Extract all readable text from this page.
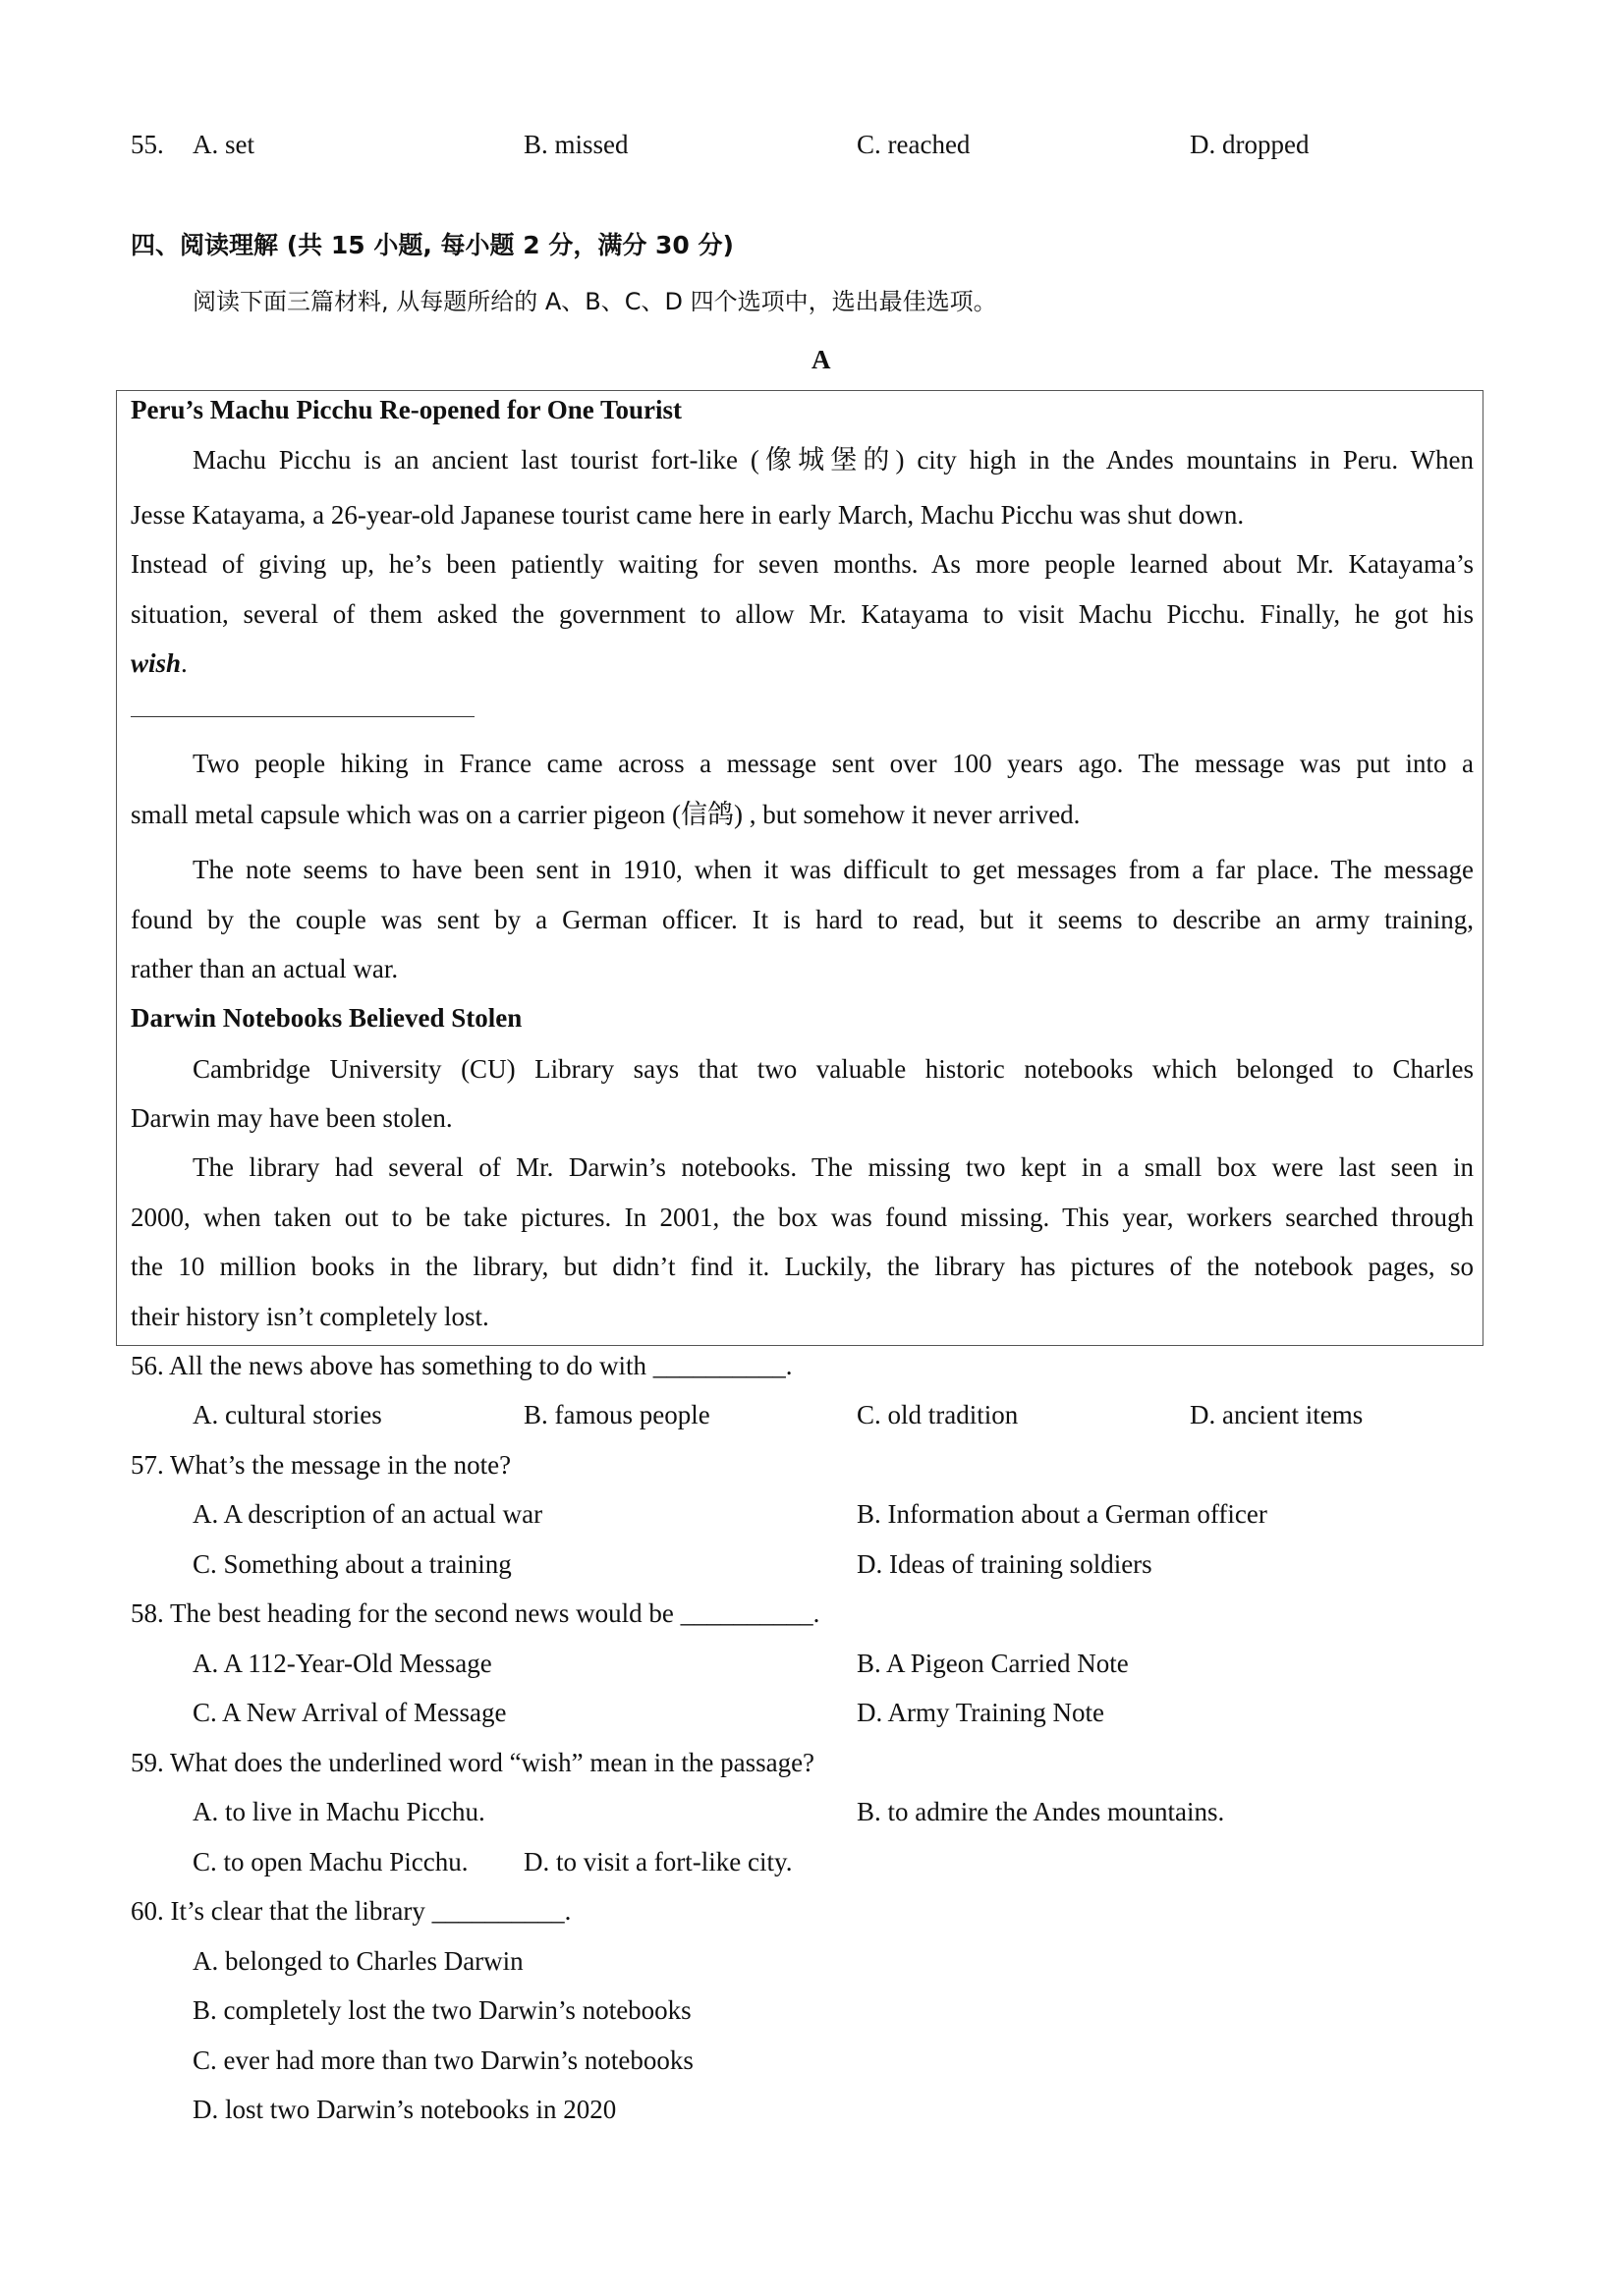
55. A. set	B. missed	C. reached	D. dropped
四、阅读理解 (共 15 小题, 每小题 2 分，满分 30 分)
阅读下面三篇材料, 从每题所给的 A、B、C、D 四个选项中，选出最佳选项。
A
Peru’s Machu Picchu Re-opened for One Tourist
Machu Picchu is an ancient last tourist fort-like (像城堡的) city high in the Andes mountains in Peru. When
Jesse Katayama, a 26-year-old Japanese tourist came here in early March, Machu Picchu was shut down.
Instead of giving up, he’s been patiently waiting for seven months. As more people learned about Mr. Katayama’s
situation, several of them asked the government to allow Mr. Katayama to visit Machu Picchu. Finally, he got his
wish.
Two people hiking in France came across a message sent over 100 years ago. The message was put into a
small metal capsule which was on a carrier pigeon (信鸽) , but somehow it never arrived.
The note seems to have been sent in 1910, when it was difficult to get messages from a far place. The message
found by the couple was sent by a German officer. It is hard to read, but it seems to describe an army training,
rather than an actual war.
Darwin Notebooks Believed Stolen
Cambridge University (CU) Library says that two valuable historic notebooks which belonged to Charles
Darwin may have been stolen.
The library had several of Mr. Darwin’s notebooks. The missing two kept in a small box were last seen in
2000, when taken out to be take pictures. In 2001, the box was found missing. This year, workers searched through
the 10 million books in the library, but didn’t find it. Luckily, the library has pictures of the notebook pages, so
their history isn’t completely lost.
56. All the news above has something to do with __________.
A. cultural stories	B. famous people	C. old tradition	D. ancient items
57. What’s the message in the note?
A. A description of an actual war	B. Information about a German officer
C. Something about a training	D. Ideas of training soldiers
58. The best heading for the second news would be __________.
A. A 112-Year-Old Message	B. A Pigeon Carried Note
C. A New Arrival of Message	D. Army Training Note
59. What does the underlined word “wish” mean in the passage?
A. to live in Machu Picchu.	B. to admire the Andes mountains.
C. to open Machu Picchu. D. to visit a fort-like city.
60. It’s clear that the library __________.
A. belonged to Charles Darwin
B. completely lost the two Darwin’s notebooks
C. ever had more than two Darwin’s notebooks
D. lost two Darwin’s notebooks in 2020
